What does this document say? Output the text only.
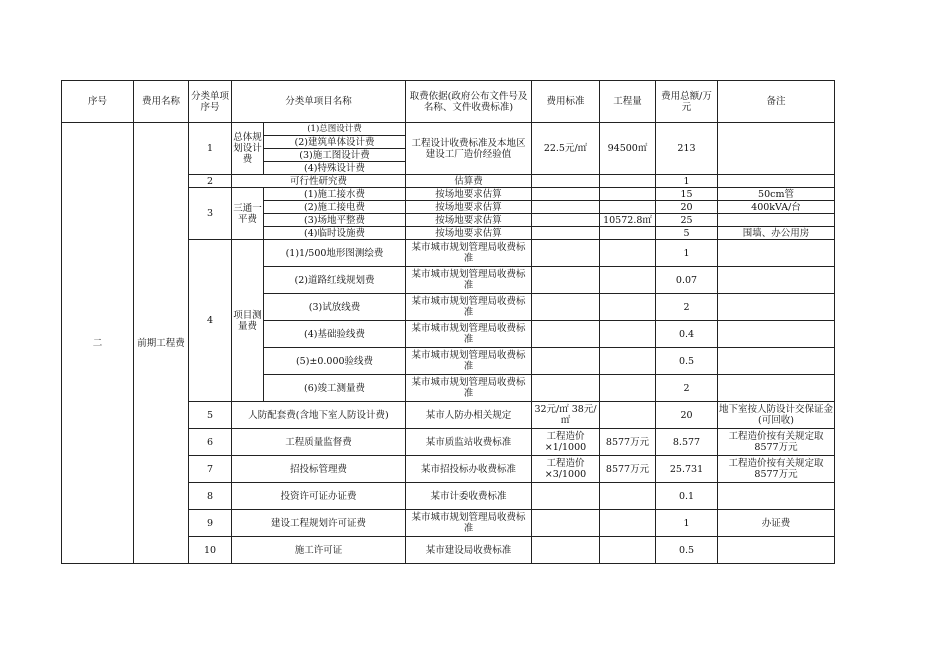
序号	费用名称	分类单项序号	分类单项目名称		取费依据(政府公布文件号及名称、文件收费标准)	费用标准	工程量	费用总额/万元	备注
二	前期工程费	1	总体规划设计费	(1)总图设计费	工程设计收费标准及本地区建设工厂造价经验值	22.5元/㎡	94500㎡	213	
				(2)建筑单体设计费					
				(3)施工图设计费					
				(4)特殊设计费					
		2	可行性研究费		估算费			1	
		3	三通一平费	(1)施工接水费	按场地要求估算			15	50cm管
				(2)施工接电费	按场地要求估算			20	400kVA/台
				(3)场地平整费	按场地要求估算		10572.8㎡	25	
				(4)临时设施费	按场地要求估算			5	围墙、办公用房
		4	项目测量费	(1)1/500地形图测绘费	某市城市规划管理局收费标准			1	
				(2)道路红线规划费	某市城市规划管理局收费标准			0.07	
				(3)试放线费	某市城市规划管理局收费标准			2	
				(4)基础验线费	某市城市规划管理局收费标准			0.4	
				(5)±0.000验线费	某市城市规划管理局收费标准			0.5	
				(6)竣工测量费	某市城市规划管理局收费标准			2	
		5	人防配套费(含地下室人防设计费)		某市人防办相关规定	32元/㎡ 38元/㎡		20	地下室按人防设计交保证金(可回收)
		6	工程质量监督费		某市质监站收费标准	工程造价×1/1000	8577万元	8.577	工程造价按有关规定取8577万元
		7	招投标管理费		某市招投标办收费标准	工程造价×3/1000	8577万元	25.731	工程造价按有关规定取8577万元
		8	投资许可证办证费		某市计委收费标准			0.1	
		9	建设工程规划许可证费		某市城市规划管理局收费标准			1	办证费
		10	施工许可证		某市建设局收费标准			0.5	
